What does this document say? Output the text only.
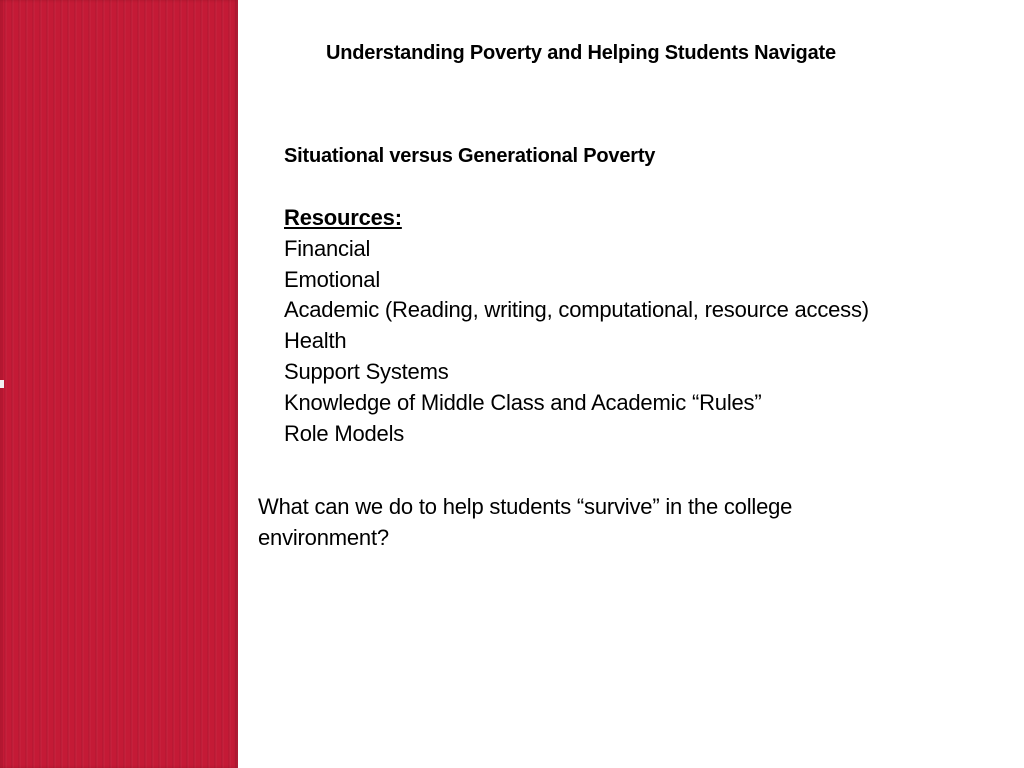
Understanding Poverty and Helping Students Navigate
Situational versus Generational Poverty
Resources:
Financial
Emotional
Academic (Reading, writing, computational, resource access)
Health
Support Systems
Knowledge of Middle Class and Academic “Rules”
Role Models
What can we do to help students “survive” in the college environment?
